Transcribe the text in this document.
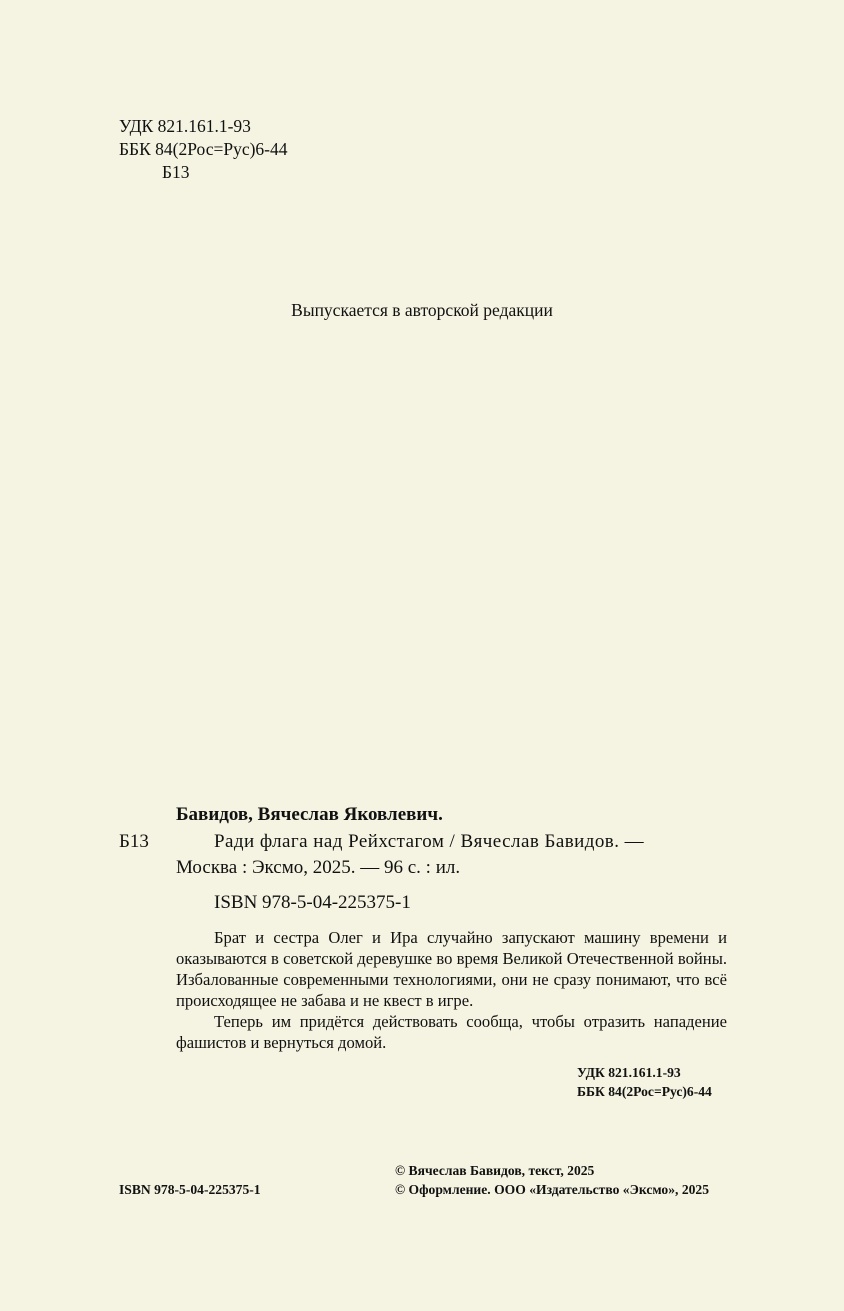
УДК 821.161.1-93
ББК 84(2Рос=Рус)6-44
Б13
Выпускается в авторской редакции
Бавидов, Вячеслав Яковлевич.
Б13	Ради флага над Рейхстагом / Вячеслав Бавидов. —
Москва : Эксмо, 2025. — 96 с. : ил.
ISBN 978-5-04-225375-1

Брат и сестра Олег и Ира случайно запускают машину времени и оказываются в советской деревушке во время Великой Отечественной войны. Избалованные современными технологиями, они не сразу понимают, что всё происходящее не забава и не квест в игре.

Теперь им придётся действовать сообща, чтобы отразить нападение фашистов и вернуться домой.

УДК 821.161.1-93
ББК 84(2Рос=Рус)6-44
© Вячеслав Бавидов, текст, 2025
ISBN 978-5-04-225375-1	© Оформление. ООО «Издательство «Эксмо», 2025
